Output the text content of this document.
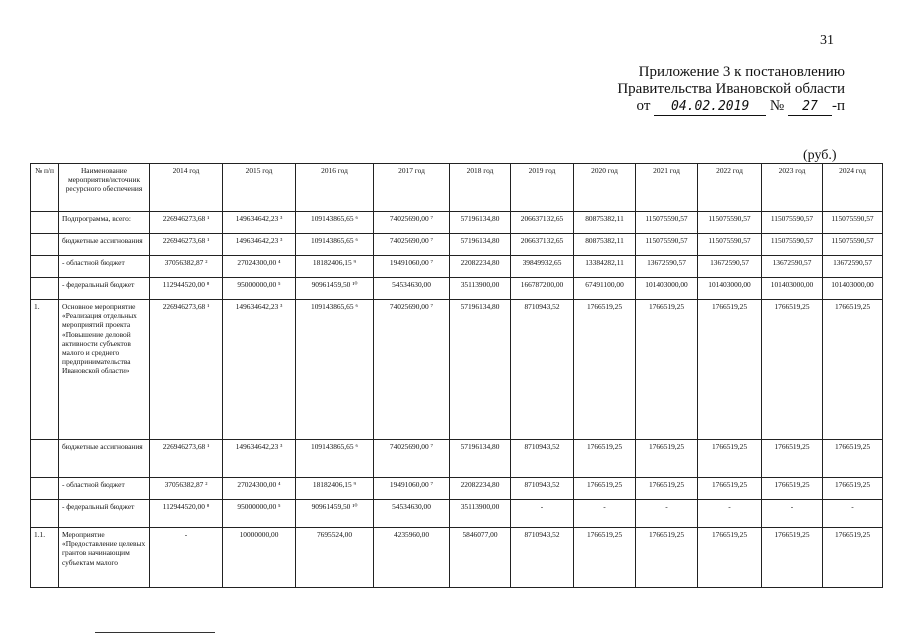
31
Приложение 3 к постановлению
Правительства Ивановской области
от 04.02.2019 № 27 -п
(руб.)
№ п/п	Наименование мероприятия/источник ресурсного обеспечения	2014 год	2015 год	2016 год	2017 год	2018 год	2019 год	2020 год	2021 год	2022 год	2023 год	2024 год
	Подпрограмма, всего:	226946273,68 ¹	149634642,23 ³	109143865,65 ⁶	74025690,00 ⁷	57196134,80	206637132,65	80875382,11	115075590,57	115075590,57	115075590,57	115075590,57
	бюджетные ассигнования	226946273,68 ¹	149634642,23 ³	109143865,65 ⁶	74025690,00 ⁷	57196134,80	206637132,65	80875382,11	115075590,57	115075590,57	115075590,57	115075590,57
	- областной бюджет	37056382,87 ²	27024300,00 ⁴	18182406,15 ⁹	19491060,00 ⁷	22082234,80	39849932,65	13384282,11	13672590,57	13672590,57	13672590,57	13672590,57
	- федеральный бюджет	112944520,00 ⁸	95000000,00 ⁵	90961459,50 ¹⁰	54534630,00	35113900,00	166787200,00	67491100,00	101403000,00	101403000,00	101403000,00	101403000,00
1.	Основное мероприятие «Реализация отдельных мероприятий проекта «Повышение деловой активности субъектов малого и среднего предпринимательства Ивановской области»	226946273,68 ¹	149634642,23 ³	109143865,65 ⁶	74025690,00 ⁷	57196134,80	8710943,52	1766519,25	1766519,25	1766519,25	1766519,25	1766519,25
	бюджетные ассигнования	226946273,68 ¹	149634642,23 ³	109143865,65 ⁶	74025690,00 ⁷	57196134,80	8710943,52	1766519,25	1766519,25	1766519,25	1766519,25	1766519,25
	- областной бюджет	37056382,87 ²	27024300,00 ⁴	18182406,15 ⁹	19491060,00 ⁷	22082234,80	8710943,52	1766519,25	1766519,25	1766519,25	1766519,25	1766519,25
	- федеральный бюджет	112944520,00 ⁸	95000000,00 ⁵	90961459,50 ¹⁰	54534630,00	35113900,00	-	-	-	-	-	-
1.1.	Мероприятие «Предоставление целевых грантов начинающим субъектам малого	-	10000000,00	7695524,00	4235960,00	5846077,00	8710943,52	1766519,25	1766519,25	1766519,25	1766519,25	1766519,25
